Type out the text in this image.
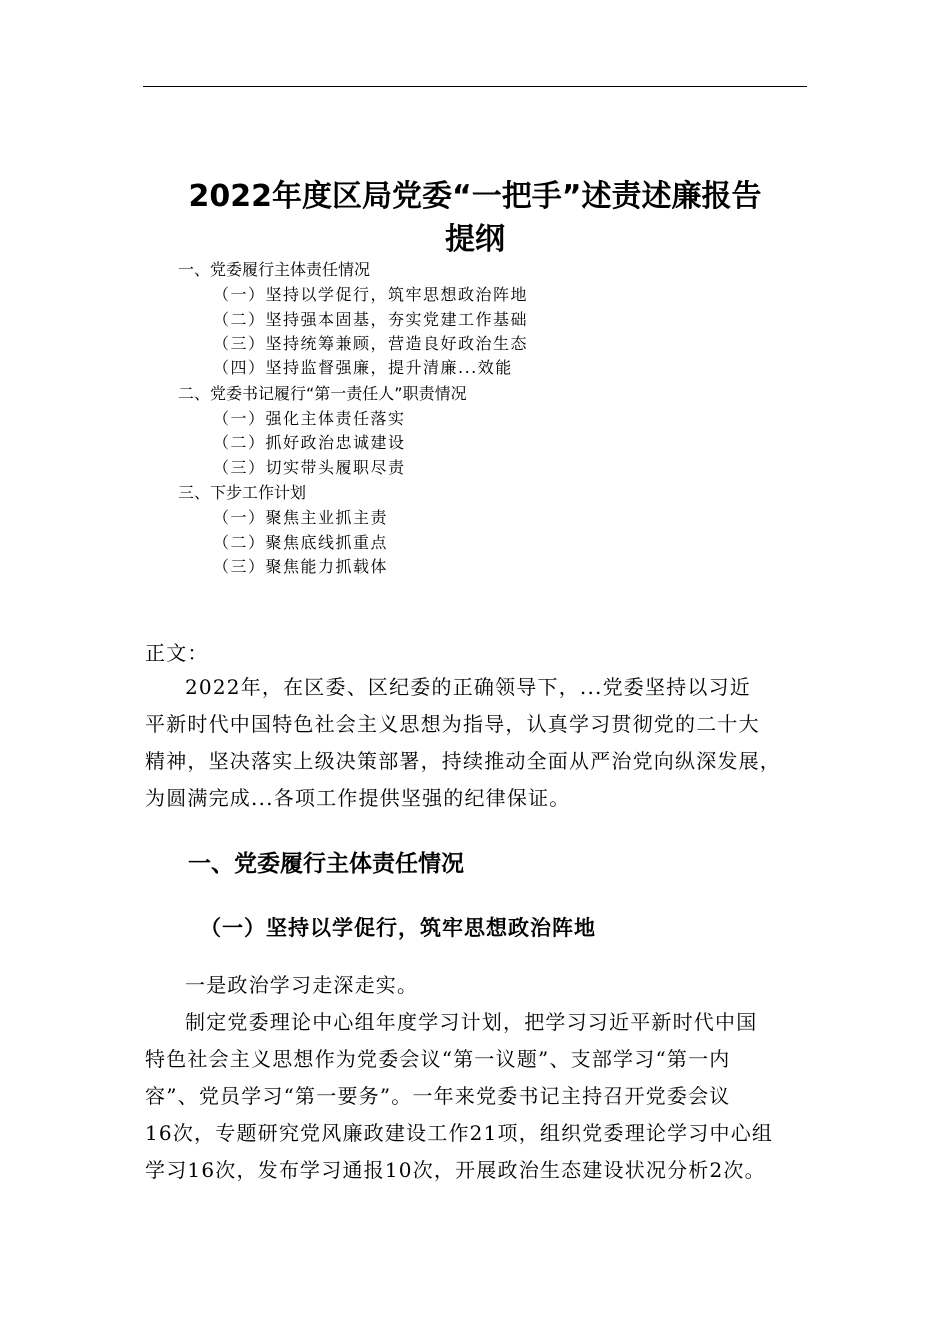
2022年度区局党委“一把手”述责述廉报告
提纲
一、党委履行主体责任情况
（一）坚持以学促行，筑牢思想政治阵地
（二）坚持强本固基，夯实党建工作基础
（三）坚持统筹兼顾，营造良好政治生态
（四）坚持监督强廉，提升清廉...效能
二、党委书记履行“第一责任人”职责情况
（一）强化主体责任落实
（二）抓好政治忠诚建设
（三）切实带头履职尽责
三、下步工作计划
（一）聚焦主业抓主责
（二）聚焦底线抓重点
（三）聚焦能力抓载体
正文：
2022年，在区委、区纪委的正确领导下，...党委坚持以习近
平新时代中国特色社会主义思想为指导，认真学习贯彻党的二十大
精神，坚决落实上级决策部署，持续推动全面从严治党向纵深发展，
为圆满完成...各项工作提供坚强的纪律保证。
一、党委履行主体责任情况
（一）坚持以学促行，筑牢思想政治阵地
一是政治学习走深走实。
制定党委理论中心组年度学习计划，把学习习近平新时代中国
特色社会主义思想作为党委会议“第一议题”、支部学习“第一内
容”、党员学习“第一要务”。一年来党委书记主持召开党委会议
16次，专题研究党风廉政建设工作21项，组织党委理论学习中心组
学习16次，发布学习通报10次，开展政治生态建设状况分析2次。
